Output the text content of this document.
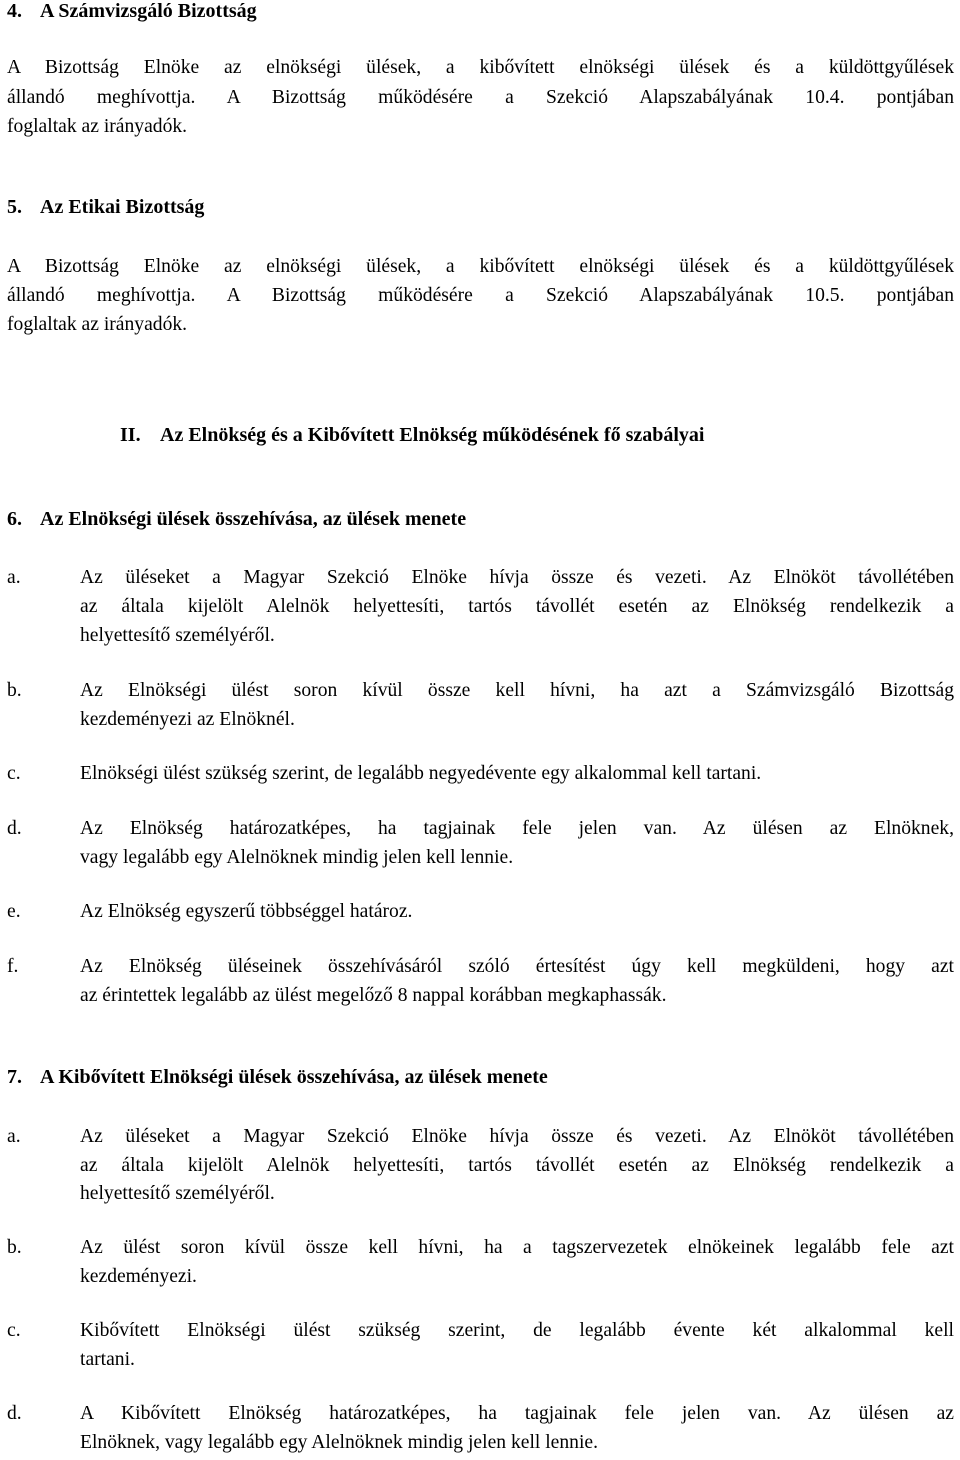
4. A Számvizsgáló Bizottság
A Bizottság Elnöke az elnökségi ülések, a kibővített elnökségi ülések és a küldöttgyűlések
állandó meghívottja. A Bizottság működésére a Szekció Alapszabályának 10.4. pontjában
foglaltak az irányadók.
5. Az Etikai Bizottság
A Bizottság Elnöke az elnökségi ülések, a kibővített elnökségi ülések és a küldöttgyűlések
állandó meghívottja. A Bizottság működésére a Szekció Alapszabályának 10.5. pontjában
foglaltak az irányadók.
II. Az Elnökség és a Kibővített Elnökség működésének fő szabályai
6. Az Elnökségi ülések összehívása, az ülések menete
a.	Az üléseket a Magyar Szekció Elnöke hívja össze és vezeti. Az Elnököt távollétében
az általa kijelölt Alelnök helyettesíti, tartós távollét esetén az Elnökség rendelkezik a
helyettesítő személyéről.
b.	Az Elnökségi ülést soron kívül össze kell hívni, ha azt a Számvizsgáló Bizottság
kezdeményezi az Elnöknél.
c.	Elnökségi ülést szükség szerint, de legalább negyedévente egy alkalommal kell tartani.
d.	Az Elnökség határozatképes, ha tagjainak fele jelen van. Az ülésen az Elnöknek,
vagy legalább egy Alelnöknek mindig jelen kell lennie.
e.	Az Elnökség egyszerű többséggel határoz.
f.	Az Elnökség üléseinek összehívásáról szóló értesítést úgy kell megküldeni, hogy azt
az érintettek legalább az ülést megelőző 8 nappal korábban megkaphassák.
7. A Kibővített Elnökségi ülések összehívása, az ülések menete
a.	Az üléseket a Magyar Szekció Elnöke hívja össze és vezeti. Az Elnököt távollétében
az általa kijelölt Alelnök helyettesíti, tartós távollét esetén az Elnökség rendelkezik a
helyettesítő személyéről.
b.	Az ülést soron kívül össze kell hívni, ha a tagszervezetek elnökeinek legalább fele azt
kezdeményezi.
c.	Kibővített Elnökségi ülést szükség szerint, de legalább évente két alkalommal kell
tartani.
d.	A Kibővített Elnökség határozatképes, ha tagjainak fele jelen van. Az ülésen az
Elnöknek, vagy legalább egy Alelnöknek mindig jelen kell lennie.
